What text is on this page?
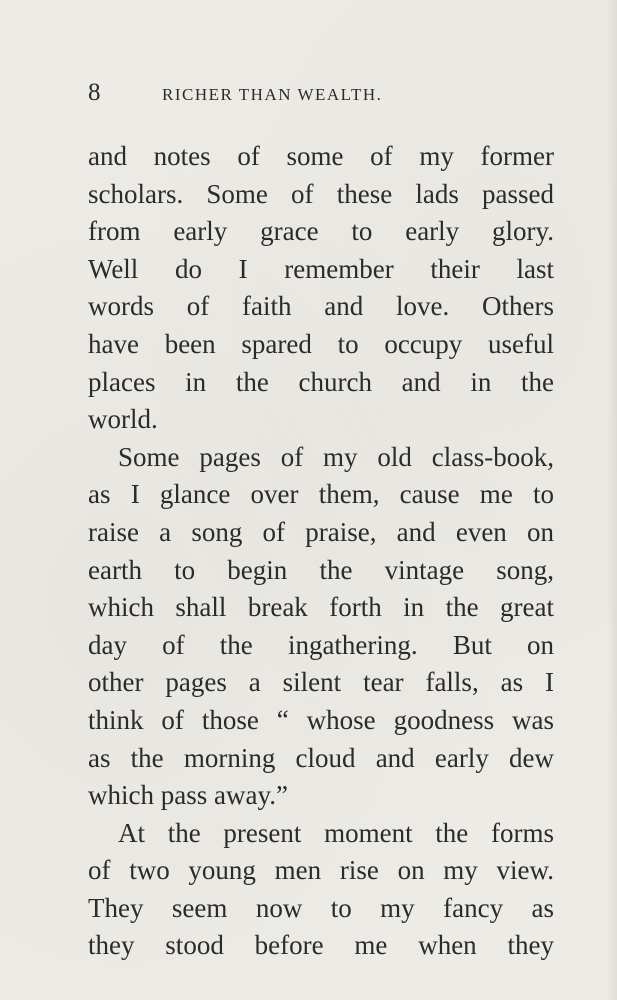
8	RICHER THAN WEALTH.
and notes of some of my former
scholars. Some of these lads passed
from early grace to early glory.
Well do I remember their last
words of faith and love. Others
have been spared to occupy useful
places in the church and in the
world.
Some pages of my old class-book,
as I glance over them, cause me to
raise a song of praise, and even on
earth to begin the vintage song,
which shall break forth in the great
day of the ingathering. But on
other pages a silent tear falls, as I
think of those “ whose goodness was
as the morning cloud and early dew
which pass away.”
At the present moment the forms
of two young men rise on my view.
They seem now to my fancy as
they stood before me when they
